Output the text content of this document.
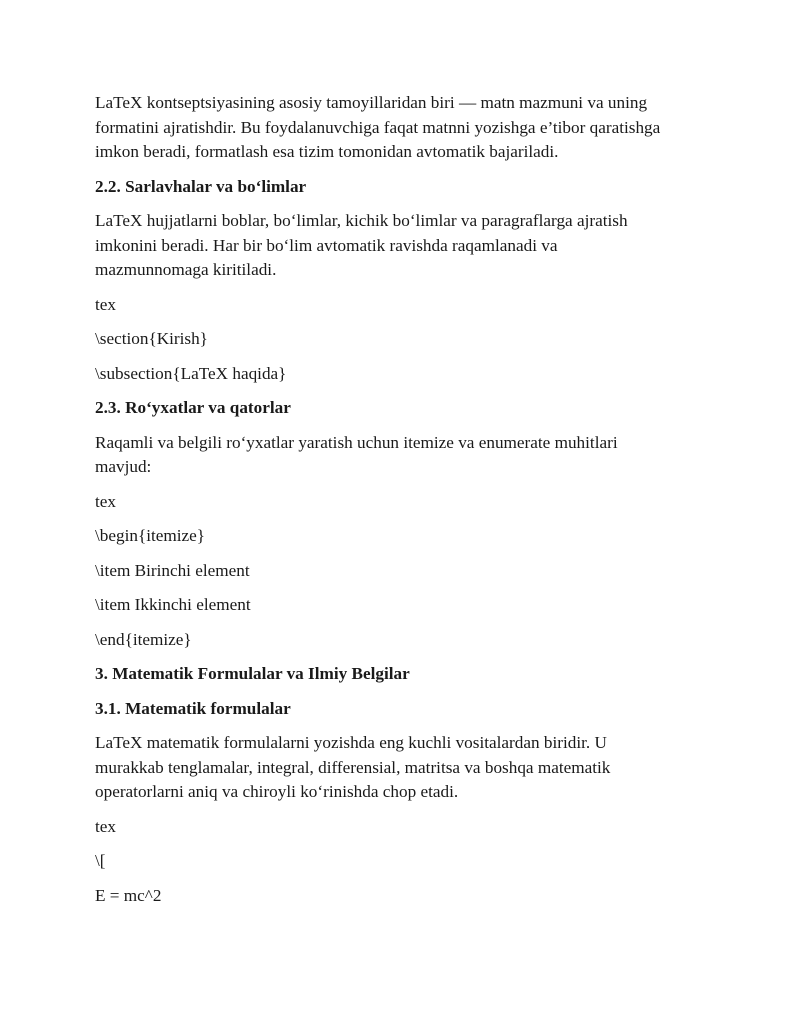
LaTeX kontseptsiyasining asosiy tamoyillaridan biri — matn mazmuni va uning
formatini ajratishdir. Bu foydalanuvchiga faqat matnni yozishga e’tibor qaratishga
imkon beradi, formatlash esa tizim tomonidan avtomatik bajariladi.

2.2. Sarlavhalar va bo‘limlar

LaTeX hujjatlarni boblar, bo‘limlar, kichik bo‘limlar va paragraflarga ajratish
imkonini beradi. Har bir bo‘lim avtomatik ravishda raqamlanadi va
mazmunnomaga kiritiladi.

tex

\section{Kirish}

\subsection{LaTeX haqida}

2.3. Ro‘yxatlar va qatorlar

Raqamli va belgili ro‘yxatlar yaratish uchun itemize va enumerate muhitlari
mavjud:

tex

\begin{itemize}

\item Birinchi element

\item Ikkinchi element

\end{itemize}

3. Matematik Formulalar va Ilmiy Belgilar

3.1. Matematik formulalar

LaTeX matematik formulalarni yozishda eng kuchli vositalardan biridir. U
murakkab tenglamalar, integral, differensial, matritsa va boshqa matematik
operatorlarni aniq va chiroyli ko‘rinishda chop etadi.

tex

\[

E = mc^2
